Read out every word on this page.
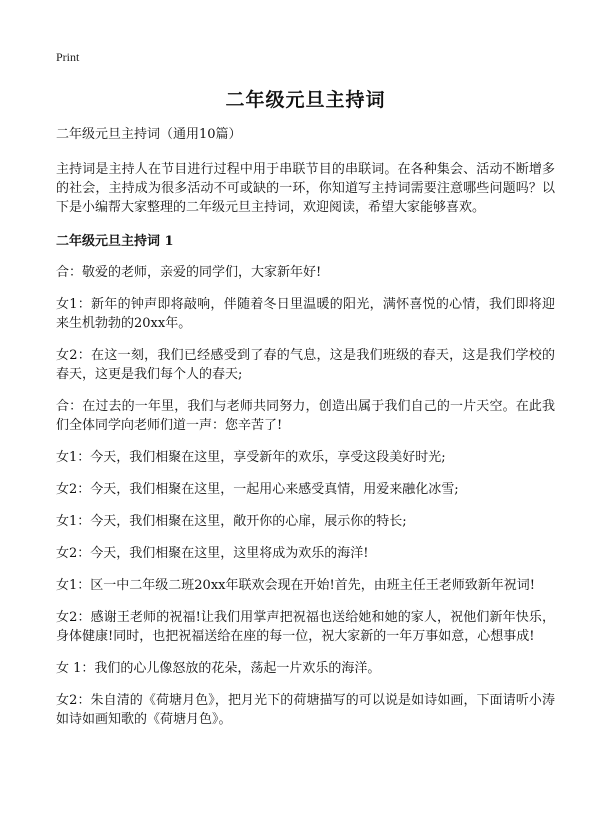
Print
二年级元旦主持词

二年级元旦主持词（通用10篇）

主持词是主持人在节目进行过程中用于串联节目的串联词。在各种集会、活动不断增多的社会，主持成为很多活动不可或缺的一环，你知道写主持词需要注意哪些问题吗？以下是小编帮大家整理的二年级元旦主持词，欢迎阅读，希望大家能够喜欢。

二年级元旦主持词 1

合：敬爱的老师，亲爱的同学们，大家新年好!

女1：新年的钟声即将敲响，伴随着冬日里温暖的阳光，满怀喜悦的心情，我们即将迎来生机勃勃的20xx年。

女2：在这一刻，我们已经感受到了春的气息，这是我们班级的春天，这是我们学校的春天，这更是我们每个人的春天;

合：在过去的一年里，我们与老师共同努力，创造出属于我们自己的一片天空。在此我们全体同学向老师们道一声：您辛苦了!

女1：今天，我们相聚在这里，享受新年的欢乐，享受这段美好时光;

女2：今天，我们相聚在这里，一起用心来感受真情，用爱来融化冰雪;

女1：今天，我们相聚在这里，敞开你的心扉，展示你的特长;

女2：今天，我们相聚在这里，这里将成为欢乐的海洋!

女1：区一中二年级二班20xx年联欢会现在开始!首先，由班主任王老师致新年祝词!

女2：感谢王老师的祝福!让我们用掌声把祝福也送给她和她的家人，祝他们新年快乐，身体健康!同时，也把祝福送给在座的每一位，祝大家新的一年万事如意，心想事成!

女 1：我们的心儿像怒放的花朵，荡起一片欢乐的海洋。

女2：朱自清的《荷塘月色》，把月光下的荷塘描写的可以说是如诗如画，下面请听小涛如诗如画知歌的《荷塘月色》。
